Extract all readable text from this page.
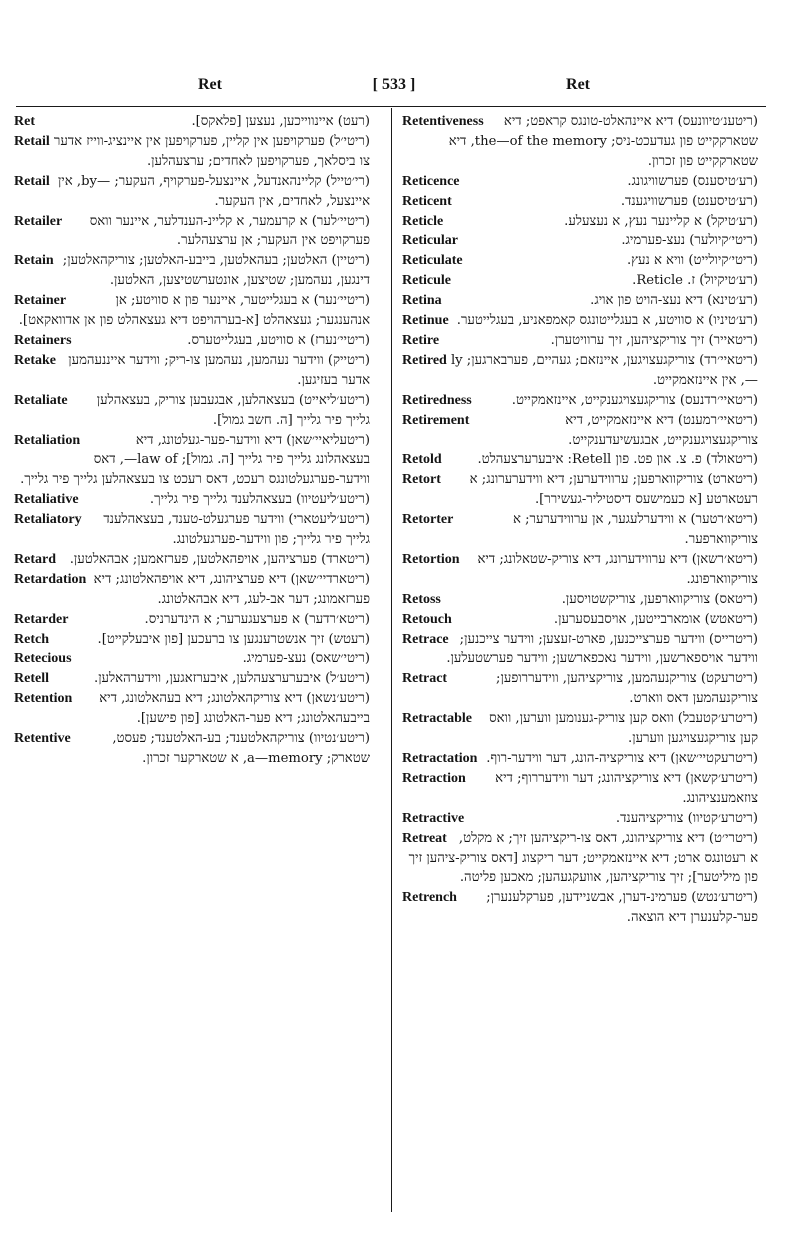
Ret	[ 533 ]	Ret
Ret	(רעט) איינווייכען, נעצען [פלאקס].
Retail (ריטי׳ל) פערקויפען אין קליין, פערקויפען אין איינציג-ווייז אדער צו ביסלאך, פערקויפען לאחדים; ערצעהלען.
Retail (רי׳טייל) קליינהאנדעל, איינצעל-פערקויף, העקער; —by, אין איינצעל, לאחדים, אין העקער.
Retailer (ריטיי׳לער) א קרעמער, א קליינ-הענדלער, איינער וואס פערקויפט אין העקער; אן ערצעהלער.
Retain (ריטיין) האלטען; בעהאלטען, בייבע-האלטען; צוריקהאלטען; דינגען, נעהמען; שטיצען, אונטערשטיצען, האלטען.
Retainer	(ריטיי׳נער) א בעגלייטער, איינער פון א סוויטע; אן אנהענגער; געצאהלט [א-בערהויפט דיא געצאהלט פון אן אדוואקאט].
Retainers	(ריטיי׳נערז) א סוויטע, בעגלייטערס.
Retake (ריטייק) ווידער נעהמען, נעהמען צו-ריק; ווידער אייננעהמען אדער בעזיגען.
Retaliate (ריטע׳ליאייט) בעצאהלען, אבגעבען צוריק, בעצאהלען גלייך פיר גלייך [ה. חשב גמול].
Retaliation	(ריטעליאיי׳שאן) דיא ווידער-פער-געלטונג, דיא בעצאהלונג גלייך פיר גלייך [ה. גמול]; law of—, דאס ווידער-פערגעלטונגס רעכט, דאס רעכט צו בעצאהלען גלייך פיר גלייך.
Retaliative	(ריטע׳ליעטיוו) בעצאהלענד גלייך פיר גלייך.
Retaliatory (ריטע׳ליעטארי) ווידער פערגעלט-טענד, בעצאהלענד גלייך פיר גלייך; פון ווידער-פערגעלטונג.
Retard (ריטארד) פערציהען, אויפהאלטען, פערזאמען; אבהאלטען.
Retardation (ריטארדיי׳שאן) דיא פערציהונג, דיא אויפהאלטונג; דיא פערזאמונג; דער אב-לעג, דיא אבהאלטונג.
Retarder	(ריטא׳רדער) א פערצעגערער; א הינדערניס.
Retch	(רעטש) זיך אנשטרענגען צו ברעכען [פון איבעלקייט].
Retecious	(ריטי׳שאס) נעצ-פערמיג.
Retell	(ריטע׳ל) איבערערצעהלען, איבערזאגען, ווידערהאלען.
Retention (ריטע׳נשאן) דיא צוריקהאלטונג; דיא בעהאלטונג, דיא בייבעהאלטונג; דיא פער-האלטונג [פון פישען].
Retentive	(ריטע׳נטיוו) צוריקהאלטענד; בע-האלטענד; פעסט, שטארק; a—memory, א שטארקער זכרון.
Retentiveness (ריטענ׳טיוונעס) דיא איינהאלט-טונגס קראפט; דיא שטארקקייט פון געדעכט-ניס; the—of the memory, דיא שטארקקייט פון זכרון.
Reticence	(רע׳טיסענס) פערשוויגונג.
Reticent	(רע׳טיסענט) פערשוויגענד.
Reticle	(רע׳טיקל) א קליינער נעץ, א נעצעלע.
Reticular	(ריטי׳קיולער) נעצ-פערמיג.
Reticulate	(ריטי׳קיולייט) וויא א נעץ.
Reticule	(רע׳טיקיול) ז. Reticle.
Retina	(רע׳טינא) דיא נעצ-הויט פון אויג.
Retinue (רע׳טיניו) א סוויטע, א בעגלייטונגס קאמפאניע, בעגלייטער.
Retire	(ריטאייר) זיך צוריקציהען, זיך ערוויטערן.
Retired (ריטאיי׳רד) צוריקגעצויגען, איינזאם; געהיים, פערבארגען; ly—, אין איינזאמקייט.
Retiredness	(ריטאיי׳רדנעס) צוריקגעצויגענקייט, איינזאמקייט.
Retirement	(ריטאיי׳רמענט) דיא איינזאמקייט, דיא צוריקגעצויגענקייט, אבגעשיעדענקייט.
Retold	(ריטאולד) פ. צ. און פט. פון Retell: איבערערצעהלט.
Retort (ריטארט) צוריקווארפען; ערווידערען; דיא ווידערערונג; א רעטארטע [א כעמישעס דיסטיליר-געשירר].
Retorter	(ריטא׳רטער) א ווידערלעגער, אן ערווידערער; א צוריקווארפער.
Retortion (ריטא׳רשאן) דיא ערווידערונג, דיא צוריק-שטאלונג; דיא צוריקווארפונג.
Retoss	(ריטאס) צוריקווארפען, צוריקשטויסען.
Retouch	(ריטאטש) אומארבייטען, אויסבעסערען.
Retrace (ריטרייס) ווידער פערצייכנען, פארט-זעצען; ווידער צייכנען; ווידער אויספארשען, ווידער נאכפארשען; ווידער פערשטעלען.
Retract	(ריטרעקט) צוריקנעהמען, צוריקציהען, ווידעררופען; צוריקנעהמען דאס ווארט.
Retractable (ריטרע׳קטעבל) וואס קען צוריק-גענומען ווערען, וואס קען צוריקגעצויגען ווערען.
Retractation (ריטרעקטיי׳שאן) דיא צוריקציה-הונג, דער ווידער-רוף.
Retraction (ריטרע׳קשאן) דיא צוריקציהונג; דער ווידעררוף; דיא צוזאמענציהונג.
Retractive	(ריטרע׳קטיוו) צוריקציהענד.
Retreat (ריטרי׳ט) דיא צוריקציהונג, דאס צו-ריקציהען זיך; א מקלט, א רעטונגס ארט; דיא איינזאמקייט; דער ריקצוג [דאס צוריק-ציהען זיך פון מיליטער]; זיך צוריקציהען, אוועקגעהען; מאכען פליטה.
Retrench (ריטרע׳נטש) פערמינ-דערן, אבשניידען, פערקלענערן; פער-קלענערן דיא הוצאה.
